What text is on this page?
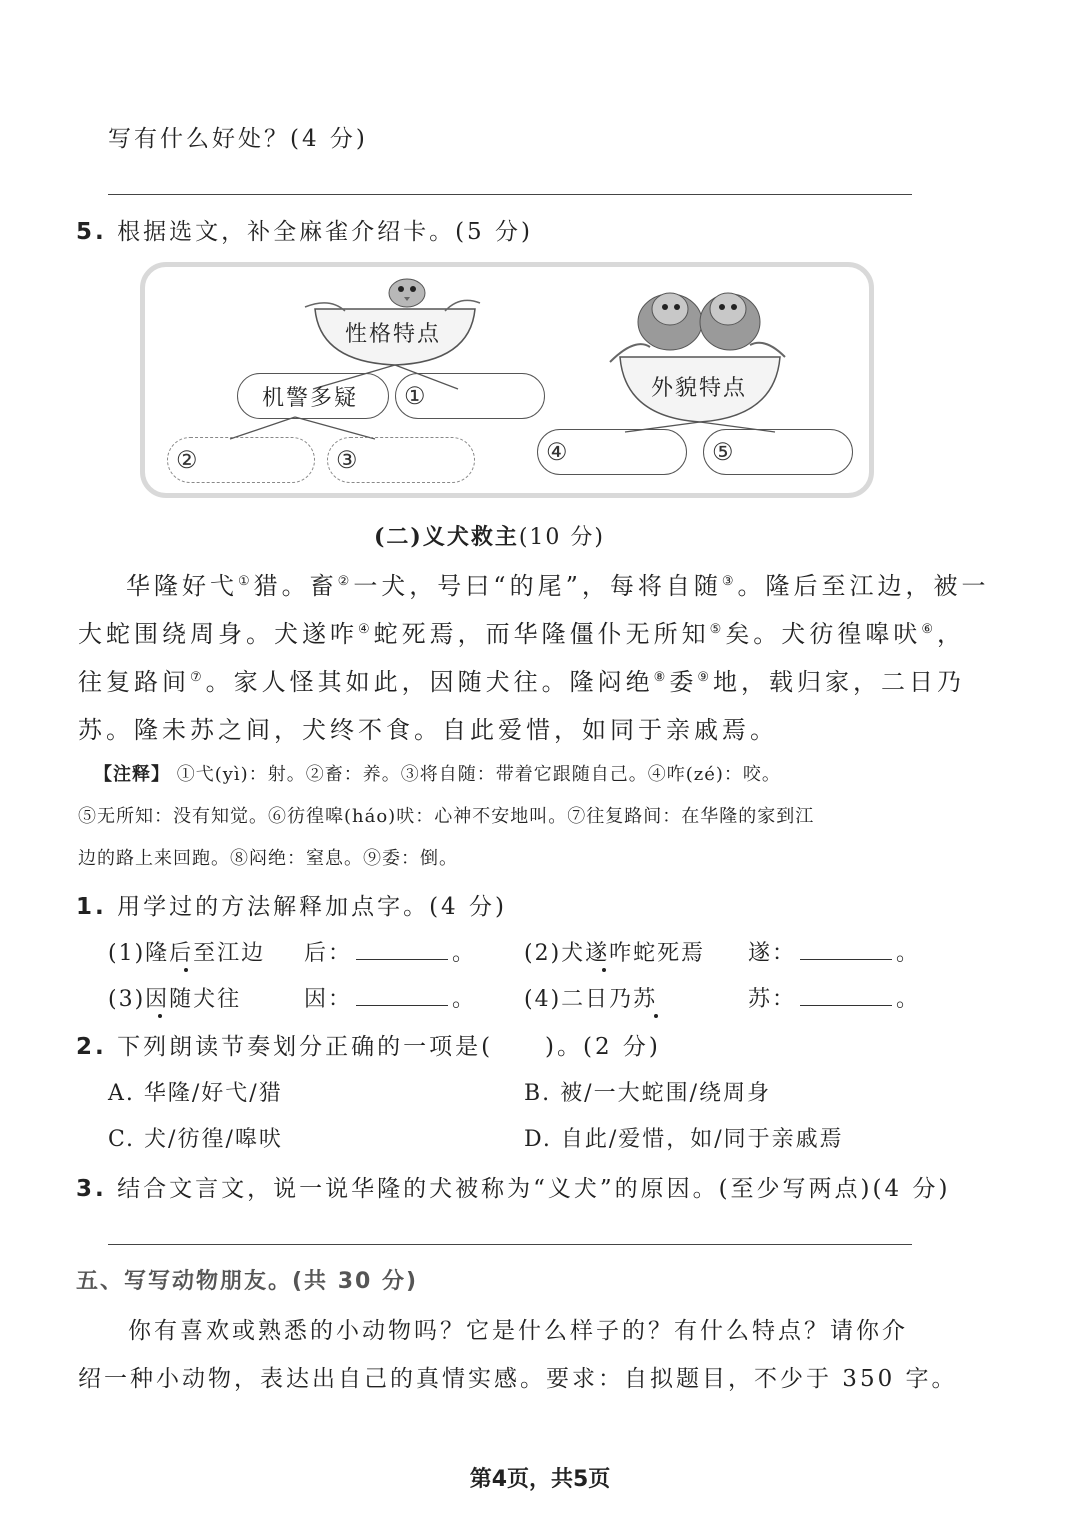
写有什么好处？(4 分)
5. 根据选文，补全麻雀介绍卡。(5 分)
性格特点
外貌特点
机警多疑 ①
②	③	④	⑤
(二)义犬救主(10 分)
华隆好弋①猎。畜②一犬，号曰“的尾”，每将自随③。隆后至江边，被一
大蛇围绕周身。犬遂咋④蛇死焉，而华隆僵仆无所知⑤矣。犬彷徨嗥吠⑥，
往复路间⑦。家人怪其如此，因随犬往。隆闷绝⑧委⑨地，载归家，二日乃
苏。隆未苏之间，犬终不食。自此爱惜，如同于亲戚焉。
【注释】 ①弋(yì)：射。②畜：养。③将自随：带着它跟随自己。④咋(zé)：咬。
⑤无所知：没有知觉。⑥彷徨嗥(háo)吠：心神不安地叫。⑦往复路间：在华隆的家到江
边的路上来回跑。⑧闷绝：窒息。⑨委：倒。
1. 用学过的方法解释加点字。(4 分)
(1)隆后至江边 后：	。 (2)犬遂咋蛇死焉 遂：	。
(3)因随犬往	因：	。 (4)二日乃苏	苏：	。
2. 下列朗读节奏划分正确的一项是(　　)。(2 分)
A. 华隆/好弋/猎	B. 被/一大蛇围/绕周身
C. 犬/彷徨/嗥吠	D. 自此/爱惜，如/同于亲戚焉
3. 结合文言文，说一说华隆的犬被称为“义犬”的原因。(至少写两点)(4 分)
五、写写动物朋友。(共 30 分)
你有喜欢或熟悉的小动物吗？它是什么样子的？有什么特点？请你介
绍一种小动物，表达出自己的真情实感。要求：自拟题目，不少于 350 字。
第4页，共5页
